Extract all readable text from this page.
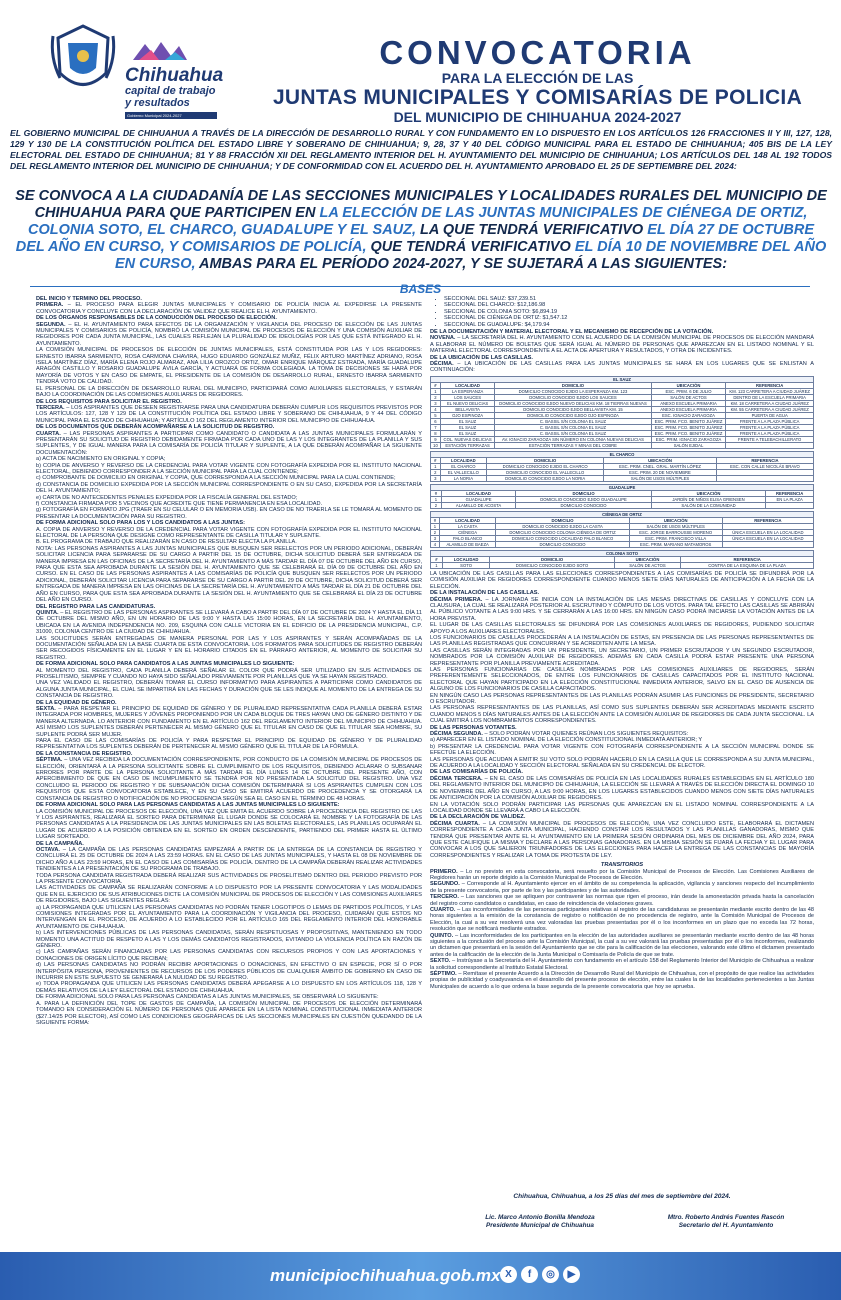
Chihuahua
capital de trabajo
y resultados
Gobierno Municipal 2024-2027
CONVOCATORIA
PARA LA ELECCIÓN DE LAS
JUNTAS MUNICIPALES Y COMISARÍAS DE POLICIA
DEL MUNICIPIO DE CHIHUAHUA 2024-2027
EL GOBIERNO MUNICIPAL DE CHIHUAHUA A TRAVÉS DE LA DIRECCIÓN DE DESARROLLO RURAL Y CON FUNDAMENTO EN LO DISPUESTO EN LOS ARTÍCULOS 126 FRACCIONES II Y III, 127, 128, 129 Y 130 DE LA CONSTITUCIÓN POLÍTICA DEL ESTADO LIBRE Y SOBERANO DE CHIHUAHUA; 9, 28, 37 Y 40 DEL CÓDIGO MUNICIPAL PARA EL ESTADO DE CHIHUAHUA; 405 BIS DE LA LEY ELECTORAL DEL ESTADO DE CHIHUAHUA; 81 Y 88 FRACCIÓN XII DEL REGLAMENTO INTERIOR DEL H. AYUNTAMIENTO DEL MUNICIPIO DE CHIHUAHUA; LOS ARTÍCULOS DEL 148 AL 192 TODOS DEL REGLAMENTO INTERIOR DEL MUNICIPIO DE CHIHUAHUA; Y DE CONFORMIDAD CON EL ACUERDO DEL H. AYUNTAMIENTO APROBADO EL 25 DE SEPTIEMBRE DEL 2024:
SE CONVOCA A LA CIUDADANÍA DE LAS SECCIONES MUNICIPALES Y LOCALIDADES RURALES DEL MUNICIPIO DE CHIHUAHUA PARA QUE PARTICIPEN EN LA ELECCIÓN DE LAS JUNTAS MUNICIPALES DE CIÉNEGA DE ORTIZ, COLONIA SOTO, EL CHARCO, GUADALUPE Y EL SAUZ, LA QUE TENDRÁ VERIFICATIVO EL DÍA 27 DE OCTUBRE DEL AÑO EN CURSO, Y COMISARIOS DE POLICÍA, QUE TENDRÁ VERIFICATIVO EL DÍA 10 DE NOVIEMBRE DEL AÑO EN CURSO, AMBAS PARA EL PERÍODO 2024-2027, Y SE SUJETARÁ A LAS SIGUIENTES:
BASES

DEL INICIO Y TÉRMINO DEL PROCESO.

PRIMERA. – EL PROCESO PARA ELEGIR JUNTAS MUNICIPALES Y COMISARIO DE POLICÍA INICIA AL EXPEDIRSE LA PRESENTE CONVOCATORIA Y CONCLUYE CON LA DECLARACIÓN DE VALIDEZ QUE REALICE EL H. AYUNTAMIENTO.

DE LOS ÓRGANOS RESPONSABLES DE LA CONDUCCIÓN DEL PROCESO DE ELECCIÓN.

SEGUNDA. – EL H. AYUNTAMIENTO PARA EFECTOS DE LA ORGANIZACIÓN Y VIGILANCIA DEL PROCESO DE ELECCIÓN DE LAS JUNTAS MUNICIPALES Y COMISARIOS DE POLICÍA, NOMBRÓ LA COMISIÓN MUNICIPAL DE PROCESOS DE ELECCIÓN Y UNA COMISIÓN AUXILIAR DE REGIDORES POR CADA JUNTA MUNICIPAL, LAS CUALES REFLEJAN LA PLURALIDAD DE IDEOLOGÍAS POR LAS QUE ESTÁ INTEGRADO EL H. AYUNTAMIENTO.

LA COMISIÓN MUNICIPAL DE PROCESOS DE ELECCIÓN DE JUNTAS MUNICIPALES, ESTÁ CONSTITUIDA POR LAS Y LOS REGIDORES: ERNESTO IBARRA SARMIENTO, ROSA CARMONA CHAVIRA, HUGO EDUARDO GONZÁLEZ MUÑIZ, FÉLIX ARTURO MARTÍNEZ ADRIANO, ROSA ISELA MARTÍNEZ DÍAZ, MARÍA ELENA ROJO ALMARAZ, ANA LILIA OROZCO ORTIZ, OMAR ENRIQUE MÁRQUEZ ESTRADA, MARÍA GUADALUPE ARAGÓN CASTILLO Y ROSARIO GUADALUPE ÁVILA GARCÍA, Y ACTUARÁ DE FORMA COLEGIADA. LA TOMA DE DECISIONES SE HARÁ POR MAYORÍA DE VOTOS Y EN CASO DE EMPATE, EL PRESIDENTE DE LA COMISIÓN DE DESARROLLO RURAL, ERNESTO IBARRA SARMIENTO TENDRÁ VOTO DE CALIDAD.

EL PERSONAL DE LA DIRECCIÓN DE DESARROLLO RURAL DEL MUNICIPIO, PARTICIPARÁ COMO AUXILIARES ELECTORALES, Y ESTARÁN BAJO LA COORDINACIÓN DE LAS COMISIONES AUXILIARES DE REGIDORES.

DE LOS REQUISITOS PARA SOLICITAR EL REGISTRO.

TERCERA. – LOS ASPIRANTES QUE DESEEN REGISTRARSE PARA UNA CANDIDATURA DEBERÁN CUMPLIR LOS REQUISITOS PREVISTOS POR LOS ARTÍCULOS: 127, 128 Y 129 DE LA CONSTITUCIÓN POLÍTICA DEL ESTADO LIBRE Y SOBERANO DE CHIHUAHUA, 9 Y 44 DEL CÓDIGO MUNICIPAL PARA EL ESTADO DE CHIHUAHUA; Y ARTÍCULO 162 DEL REGLAMENTO INTERIOR DEL MUNICIPIO DE CHIHUAHUA.

DE LOS DOCUMENTOS QUE DEBERÁN ACOMPAÑARSE A LA SOLICITUD DE REGISTRO.

CUARTA. – LAS PERSONAS ASPIRANTES A PARTICIPAR COMO CANDIDATO O CANDIDATA A LAS JUNTAS MUNICIPALES FORMULARÁN Y PRESENTARÁN SU SOLICITUD DE REGISTRO DEBIDAMENTE FIRMADA POR CADA UNO DE LAS Y LOS INTEGRANTES DE LA PLANILLA Y SUS SUPLENTES, Y DE IGUAL MANERA PARA LA COMISARÍA DE POLICÍA TITULAR Y SUPLENTE, A LA QUE DEBERÁN ACOMPAÑAR LA SIGUIENTE DOCUMENTACIÓN:

a) ACTA DE NACIMIENTO EN ORIGINAL Y COPIA;

b) COPIA DE ANVERSO Y REVERSO DE LA CREDENCIAL PARA VOTAR VIGENTE CON FOTOGRAFÍA EXPEDIDA POR EL INSTITUTO NACIONAL ELECTORAL, DEBIENDO CORRESPONDER A LA SECCIÓN MUNICIPAL PARA LA CUAL CONTIENDE;

c) COMPROBANTE DE DOMICILIO EN ORIGINAL Y COPIA, QUE CORRESPONDA A LA SECCIÓN MUNICIPAL PARA LA CUAL CONTIENDE;

d) CONSTANCIA DE DOMICILIO EXPEDIDA POR LA SECCIÓN MUNICIPAL CORRESPONDIENTE O EN SU CASO, EXPEDIDA POR LA SECRETARÍA DEL H. AYUNTAMIENTO;

e) CARTA DE NO ANTECEDENTES PENALES EXPEDIDA POR LA FISCALÍA GENERAL DEL ESTADO;

f) CONSTANCIA FIRMADA POR 5 VECINOS QUE ACREDITE QUE TIENE PERMANENCIA EN ESA LOCALIDAD.

g) FOTOGRAFÍA EN FORMATO JPG (TRAER EN SU CELULAR O EN MEMORIA USB). EN CASO DE NO TRAERLA SE LE TOMARÁ AL MOMENTO DE PRESENTAR LA DOCUMENTACIÓN PARA SU REGISTRO.

DE FORMA ADICIONAL SOLO PARA LOS Y LOS CANDIDATOS A LAS JUNTAS:

A. COPIA DE ANVERSO Y REVERSO DE LA CREDENCIAL PARA VOTAR VIGENTE CON FOTOGRAFÍA EXPEDIDA POR EL INSTITUTO NACIONAL ELECTORAL DE LA PERSONA QUE DESIGNE COMO REPRESENTANTE DE CASILLA TITULAR Y SUPLENTE.

B. EL PROGRAMA DE TRABAJO QUE REALIZARÁN EN CASO DE RESULTAR ELECTA LA PLANILLA.

NOTA: LAS PERSONAS ASPIRANTES A LAS JUNTAS MUNICIPALES QUE BUSQUEN SER REELECTOS POR UN PERIODO ADICIONAL, DEBERÁN SOLICITAR LICENCIA PARA SEPARARSE DE SU CARGO A PARTIR DEL 15 DE OCTUBRE, DICHA SOLICITUD DEBERÁ SER ENTREGADA DE MANERA IMPRESA EN LAS OFICINAS DE LA SECRETARÍA DEL H. AYUNTAMIENTO A MÁS TARDAR EL DÍA 07 DE OCTUBRE DEL AÑO EN CURSO, PARA QUE ESTA SEA APROBADA DURANTE LA SESIÓN DEL H. AYUNTAMIENTO QUE SE CELEBRARÁ EL DÍA 09 DE OCTUBRE DEL AÑO EN CURSO. EN EL CASO DE LAS PERSONAS ASPIRANTES A LAS COMISARÍAS DE POLICÍA QUE BUSQUEN SER REELECTOS POR UN PERIODO ADICIONAL, DEBERÁN SOLICITAR LICENCIA PARA SEPARARSE DE SU CARGO A PARTIR DEL 29 DE OCTUBRE, DICHA SOLICITUD DEBERÁ SER ENTREGADA DE MANERA IMPRESA EN LAS OFICINAS DE LA SECRETARÍA DEL H. AYUNTAMIENTO A MÁS TARDAR EL DÍA 21 DE OCTUBRE DEL AÑO EN CURSO, PARA QUE ESTA SEA APROBADA DURANTE LA SESIÓN DEL H. AYUNTAMIENTO QUE SE CELEBRARÁ EL DÍA 23 DE OCTUBRE DEL AÑO EN CURSO.

DEL REGISTRO PARA LAS CANDIDATURAS.

QUINTA. – EL REGISTRO DE LAS PERSONAS ASPIRANTES SE LLEVARÁ A CABO A PARTIR DEL DÍA 07 DE OCTUBRE DE 2024 Y HASTA EL DÍA 11 DE OCTUBRE DEL MISMO AÑO, EN UN HORARIO DE LAS 9:00 Y HASTA LAS 15:00 HORAS, EN LA SECRETARÍA DEL H. AYUNTAMIENTO, UBICADA EN LA AVENIDA INDEPENDENCIA NO. 209, ESQUINA CON CALLE VICTORIA EN EL EDIFICIO DE LA PRESIDENCIA MUNICIPAL, C.P. 31000, COLONIA CENTRO DE LA CIUDAD DE CHIHUAHUA.

LAS SOLICITUDES SERÁN ENTREGADAS DE MANERA PERSONAL POR LAS Y LOS ASPIRANTES Y SERÁN ACOMPAÑADAS DE LA DOCUMENTACIÓN SEÑALADA EN LA BASE CUARTA DE ESTA CONVOCATORIA. LOS FORMATOS PARA SOLICITUDES DE REGISTRO DEBERÁN SER RECOGIDOS FÍSICAMENTE EN EL LUGAR Y EN EL HORARIO CITADOS EN EL PÁRRAFO ANTERIOR, AL MOMENTO DE SOLICITAR SU REGISTRO.

DE FORMA ADICIONAL SOLO PARA CANDIDATOS A LAS JUNTAS MUNICIPALES LO SIGUIENTE:

AL MOMENTO DEL REGISTRO, CADA PLANILLA DEBERÁ SEÑALAR EL COLOR QUE PODRÁ SER UTILIZADO EN SUS ACTIVIDADES DE PROSELITISMO, SIEMPRE Y CUANDO NO HAYA SIDO SEÑALADO PREVIAMENTE POR PLANILLAS QUE YA SE HAYAN REGISTRADO.

UNA VEZ VALIDADO EL REGISTRO, DEBERÁN TOMAR EL CURSO INFORMATIVO PARA ASPIRANTES A PARTICIPAR COMO CANDIDATOS DE ALGUNA JUNTA MUNICIPAL, EL CUAL SE IMPARTIRÁ EN LAS FECHAS Y DURACIÓN QUE SE LES INDIQUE AL MOMENTO DE LA ENTREGA DE SU CONSTANCIA DE REGISTRO.

DE LA EQUIDAD DE GÉNERO.

SEXTA. – PARA RESPETAR EL PRINCIPIO DE EQUIDAD DE GÉNERO Y DE PLURALIDAD REPRESENTATIVA CADA PLANILLA DEBERÁ ESTAR INTEGRADA POR HOMBRES, MUJERES Y JÓVENES PROPONIENDO POR UN CADA BLOQUE DE TRES HAYAN UNO DE GÉNERO DISTINTO Y DE MANERA ALTERNADA. LO ANTERIOR CON FUNDAMENTO EN EL ARTÍCULO 162 DEL REGLAMENTO INTERIOR DEL MUNICIPIO DE CHIHUAHUA. ASÍ MISMO LOS SUPLENTES DEBERÁN PERTENECER AL MISMO GÉNERO QUE EL TITULAR EN CASO DE QUE EL TITULAR SEA HOMBRE, SU SUPLENTE PODRÁ SER MUJER.

PARA EL CASO DE LAS COMISARÍAS DE POLICÍA Y PARA RESPETAR EL PRINCIPIO DE EQUIDAD DE GÉNERO Y DE PLURALIDAD REPRESENTATIVA LOS SUPLENTES DEBERÁN DE PERTENECER AL MISMO GÉNERO QUE EL TITULAR DE LA FÓRMULA.

DE LA CONSTANCIA DE REGISTRO.

SÉPTIMA. – UNA VEZ RECIBIDA LA DOCUMENTACIÓN CORRESPONDIENTE, POR CONDUCTO DE LA COMISIÓN MUNICIPAL DE PROCESOS DE ELECCIÓN, ORIENTARÁ A LA PERSONA SOLICITANTE SOBRE EL CUMPLIMIENTO DE LOS REQUISITOS, DEBIENDO ACLARAR O SUBSANAR ERRORES POR PARTE DE LA PERSONA SOLICITANTE A MÁS TARDAR EL DÍA LUNES 14 DE OCTUBRE DEL PRESENTE AÑO, CON APERCIBIMIENTO DE QUE EN CASO DE INCUMPLIMIENTO SE TENDRÁ POR NO PRESENTADA LA SOLICITUD DEL REGISTRO. UNA VEZ CONCLUIDO EL PERIODO DE REGISTRO Y DE SUBSANACIÓN DICHA COMISIÓN DETERMINARÁ SI LOS ASPIRANTES CUMPLEN CON LOS REQUISITOS QUE ESTA CONVOCATORIA ESTABLECE, Y EN SU CASO SE EMITIRÁ ACUERDO DE PROCEDENCIA Y SE OTORGARÁ LA CONSTANCIA DE REGISTRO O NOTIFICACIÓN DE NO PROCEDENCIA SEGÚN SEA EL CASO EN EL TÉRMINO DE 48 HORAS.

DE FORMA ADICIONAL SOLO PARA LAS PERSONAS CANDIDATAS A LAS JUNTAS MUNICIPALES LO SIGUIENTE:

LA COMISIÓN MUNICIPAL DE PROCESOS DE ELECCIÓN, UNA VEZ QUE EMITA EL ACUERDO SOBRE LA PROCEDENCIA DEL REGISTRO DE LAS Y LOS ASPIRANTES, REALIZARÁ EL SORTEO PARA DETERMINAR EL LUGAR DONDE SE COLOCARÁ EL NOMBRE Y LA FOTOGRAFÍA DE LAS PERSONAS CANDIDATAS A LA PRESIDENCIA DE LAS JUNTAS MUNICIPALES EN LAS BOLETAS ELECTORALES, LAS PLANILLAS OCUPARÁN EL LUGAR DE ACUERDO A LA POSICIÓN OBTENIDA EN EL SORTEO EN ORDEN DESCENDENTE, PARTIENDO DEL PRIMER HASTA EL ÚLTIMO LUGAR SORTEADO.

DE LA CAMPAÑA.

OCTAVA. – LA CAMPAÑA DE LAS PERSONAS CANDIDATAS EMPEZARÁ A PARTIR DE LA ENTREGA DE LA CONSTANCIA DE REGISTRO Y CONCLUIRÁ EL 25 DE OCTUBRE DE 2024 A LAS 23:59 HORAS. EN EL CASO DE LAS JUNTAS MUNICIPALES, Y HASTA EL 08 DE NOVIEMBRE DE DICHO AÑO A LAS 23:59 HORAS, EN EL CASO DE LAS COMISARÍAS DE POLICÍA. DENTRO DE LA CAMPAÑA DEBERÁN REALIZAR ACTIVIDADES TENDIENTES A LA PRESENTACIÓN DE SU PROGRAMA DE TRABAJO.

TODA PERSONA CANDIDATA REGISTRADA DEBERÁ REALIZAR SUS ACTIVIDADES DE PROSELITISMO DENTRO DEL PERIODO PREVISTO POR LA PRESENTE CONVOCATORIA.

LAS ACTIVIDADES DE CAMPAÑA SE REALIZARÁN CONFORME A LO DISPUESTO POR LA PRESENTE CONVOCATORIA Y LAS MODALIDADES QUE EN EL EJERCICIO DE SUS ATRIBUCIONES DICTE LA COMISIÓN MUNICIPAL DE PROCESOS DE ELECCIÓN Y LAS COMISIONES AUXILIARES DE REGIDORES, BAJO LAS SIGUIENTES REGLAS:

a) LA PROPAGANDA QUE UTILICEN LAS PERSONAS CANDIDATAS NO PODRÁN TENER LOGOTIPOS O LEMAS DE PARTIDOS POLÍTICOS, Y LAS COMISIONES INTEGRADAS POR EL AYUNTAMIENTO PARA LA COORDINACIÓN Y VIGILANCIA DEL PROCESO, CUIDARÁN QUE ESTOS NO INTERVENGAN EN EL PROCESO, DE ACUERDO A LO ESTABLECIDO POR EL ARTÍCULO 165 DEL REGLAMENTO INTERIOR DEL HONORABLE AYUNTAMIENTO DE CHIHUAHUA.

b) LAS INTERVENCIONES PÚBLICAS DE LAS PERSONAS CANDIDATAS, SERÁN RESPETUOSAS Y PROPOSITIVAS, MANTENIENDO EN TODO MOMENTO UNA ACTITUD DE RESPETO A LAS Y LOS DEMÁS CANDIDATOS REGISTRADOS, EVITANDO LA VIOLENCIA POLÍTICA EN RAZÓN DE GÉNERO.

c) LAS CAMPAÑAS SERÁN FINANCIADAS POR LAS PERSONAS CANDIDATAS CON RECURSOS PROPIOS Y CON LAS APORTACIONES Y DONACIONES DE ORIGEN LÍCITO QUE RECIBAN;

d) LAS PERSONAS CANDIDATAS NO PODRÁN RECIBIR APORTACIONES O DONACIONES, EN EFECTIVO O EN ESPECIE, POR SÍ O POR INTERPÓSITA PERSONA, PROVENIENTES DE RECURSOS DE LOS PODERES PÚBLICOS DE CUALQUIER ÁMBITO DE GOBIERNO EN CASO DE INCURRIR EN ESTE SUPUESTO SE GENERARÁ LA NULIDAD DE SU REGISTRO.

e) TODA PROPAGANDA QUE UTILICEN LAS PERSONAS CANDIDATAS DEBERÁ APEGARSE A LO DISPUESTO EN LOS ARTÍCULOS 118, 128 Y DEMÁS RELATIVOS DE LA LEY ELECTORAL DEL ESTADO DE CHIHUAHUA.

DE FORMA ADICIONAL SOLO PARA LAS PERSONAS CANDIDATAS A LAS JUNTAS MUNICIPALES, SE OBSERVARÁ LO SIGUIENTE:

A. PARA LA DEFINICIÓN DEL TOPE DE GASTOS DE CAMPAÑA, LA COMISIÓN MUNICIPAL DE PROCESOS DE ELECCIÓN DETERMINARÁ TOMANDO EN CONSIDERACIÓN EL NÚMERO DE PERSONAS QUE APARECE EN LA LISTA NOMINAL CONSTITUCIONAL INMEDIATA ANTERIOR ($27.14/25 POR ELECTOR), ASÍ COMO LAS CONDICIONES GEOGRÁFICAS DE LAS SECCIONES MUNICIPALES EN CUESTIÓN QUEDANDO DE LA SIGUIENTE FORMA:

• SECCIONAL DEL SAUZ: $37,239.51
• SECCIONAL DEL CHARCO: $12,186.98
• SECCIONAL DE COLONIA SOTO: $6,894.19
• SECCIONAL DE CIÉNEGA DE ORTIZ: $1,547.12
• SECCIONAL DE GUADALUPE: $4,179.94

DE LA DOCUMENTACIÓN Y MATERIAL ELECTORAL Y EL MECANISMO DE RECEPCIÓN DE LA VOTACIÓN.

NOVENA. – LA SECRETARÍA DEL H. AYUNTAMIENTO CON EL ACUERDO DE LA COMISIÓN MUNICIPAL DE PROCESOS DE ELECCIÓN MANDARÁ A ELABORAR EL NÚMERO DE BOLETAS QUE SERÁ IGUAL AL NÚMERO DE PERSONAS QUE APAREZCAN EN EL LISTADO NOMINAL Y EL MATERIAL ELECTORAL CORRESPONDIENTE A EL ACTA DE APERTURA Y RESULTADOS, Y OTRA DE INCIDENTES.

DE LA UBICACIÓN DE LAS CASILLAS.

DÉCIMA. – LA UBICACIÓN DE LAS CASILLAS PARA LAS JUNTAS MUNICIPALES SE HARÁ EN LOS LUGARES QUE SE ENLISTAN A CONTINUACIÓN:

EL SAUZ				
#	LOCALIDAD	DOMICILIO	UBICACIÓN	REFERENCIA
1	LA ESPERANZA	DOMICILIO CONOCIDO EJIDO LA ESPERANZA KM. 123	ESC. PRIM. 6 DE JULIO	KM. 123 CARRETERA A CIUDAD JUÁREZ
2	LOS SAUCES	DOMICILIO CONOCIDO EJIDO LOS SAUCES	SALÓN DE ACTOS	DENTRO DE LA ESCUELA PRIMARIA
3	EL NUEVO DELICIAS	DOMICILIO CONOCIDO EJIDO NUEVO DELICIAS KM. 18 TIERRAS NUEVAS	ANEXO ESCUELA PRIMARIA	KM. 18 CARRETERA A CIUDAD JUÁREZ
4	BELLAVISTA	DOMICILIO CONOCIDO EJIDO BELLAVISTA KM. 15	ANEXO ESCUELA PRIMARIA	KM. 55 CARRETERA A CIUDAD JUÁREZ
5	OJO ESPINOZA	DOMICILIO CONOCIDO EJIDO OJO ESPINOZA	ESC. IGNACIO ZARAGOZA	PUERTA DE AGUA
6	EL SAUZ	C. BASSIL S/N COLONIA EL SAUZ	ESC. PRIM. FCO. BENITO JUÁREZ	FRENTE A LA PLAZA PÚBLICA
7	EL SAUZ	C. BASSIL S/N COLONIA EL SAUZ	ESC. PRIM. FCO. BENITO JUÁREZ	FRENTE A LA PLAZA PÚBLICA
8	EL SAUZ	C. BASSIL S/N COLONIA EL SAUZ	ESC. PRIM. FCO. BENITO JUÁREZ	FRENTE A LA PLAZA PÚBLICA
9	COL. NUEVAS DELICIAS	AV. IGNACIO ZARAGOZA SIN NÚMERO EN COLONIA NUEVAS DELICIAS	ESC. PRIM. IGNACIO ZARAGOZA	FRENTE A TELEBACHILLERATO
10	ESTACIÓN TERRAZAS	ESTACIÓN TERRAZAS Y MINAS DEL COBRE	SALÓN EJIDAL	
EL CHARCO				
#	LOCALIDAD	DOMICILIO	UBICACIÓN	REFERENCIA
1	EL CHARCO	DOMICILIO CONOCIDO EJIDO EL CHARCO	ESC. PRIM. CNEL. GRAL. MARTÍN LÓPEZ	ESC. CON CALLE NICOLÁS BRAVO
2	EL VALLECILLO	DOMICILIO CONOCIDO EL VALLECILLO	ESC. PRIM. 20 DE NOVIEMBRE	
3	LA NORIA	DOMICILIO CONOCIDO EJIDO LA NORIA	SALÓN DE USOS MÚLTIPLES	
GUADALUPE				
#	LOCALIDAD	DOMICILIO	UBICACIÓN	REFERENCIA
1	GUADALUPE	DOMICILIO CONOCIDO EJIDO GUADALUPE	JARDÍN DE NIÑOS ELISA GRIENSEN	EN LA PLAZA
2	ALAMILLO DE ACOSTA	DOMICILIO CONOCIDO	SALÓN DE LA COMUNIDAD	
CIÉNEGA DE ORTIZ				
#	LOCALIDAD	DOMICILIO	UBICACIÓN	REFERENCIA
1	LA CASTA	DOMICILIO CONOCIDO EJIDO LA CASTA	SALÓN DE USOS MÚLTIPLES	
2	CIÉNEGA	DOMICILIO CONOCIDO COLONIA CIÉNEGA DE ORTIZ	ESC. JORGE BARROUSSE MORENO	ÚNICA ESCUELA EN LA LOCALIDAD
3	PALO BLANCO	DOMICILIO CONOCIDO LOCALIDAD PALO BLANCO	ESC. PRIM. FRANCISCO VILLA	ÚNICA ESCUELA EN LA LOCALIDAD
4	ALAMILLO DE BAEZA	DOMICILIO CONOCIDO	ESC. PRIM. MARIANO MATAMOROS	
COLONIA SOTO				
#	LOCALIDAD	DOMICILIO	UBICACIÓN	REFERENCIA
1	SOTO	DOMICILIO CONOCIDO EJIDO SOTO	SALÓN DE ACTOS	CONTRA DE LA ESQUINA DE LA PLAZA

LA UBICACIÓN DE LAS CASILLAS PARA LAS ELECCIONES CORRESPONDIENTES A LAS COMISARÍAS DE POLICÍA SE DIFUNDIRÁ POR LA COMISIÓN AUXILIAR DE REGIDORES CORRESPONDIENTE CUANDO MENOS SIETE DÍAS NATURALES DE ANTICIPACIÓN A LA FECHA DE LA ELECCIÓN.

DE LA INSTALACIÓN DE LAS CASILLAS.

DÉCIMA PRIMERA. – LA JORNADA SE INICIA CON LA INSTALACIÓN DE LAS MESAS DIRECTIVAS DE CASILLAS Y CONCLUYE CON LA CLAUSURA, LA CUAL SE REALIZARÁ POSTERIOR AL ESCRUTINIO Y CÓMPUTO DE LOS VOTOS. PARA TAL EFECTO LAS CASILLAS SE ABRIRÁN AL PÚBLICO VOTANTE A LAS 9:00 HRS. Y SE CERRARÁN A LAS 16:00 HRS. EN NINGÚN CASO PODRÁ INICIARSE LA VOTACIÓN ANTES DE LA HORA PREVISTA.

EL LUGAR DE LAS CASILLAS ELECTORALES SE DIFUNDIRÁ POR LAS COMISIONES AUXILIARES DE REGIDORES, PUDIENDO SOLICITAR APOYO A LOS AUXILIARES ELECTORALES.

LOS FUNCIONARIOS DE CASILLAS PROCEDERÁN A LA INSTALACIÓN DE ESTAS, EN PRESENCIA DE LAS PERSONAS REPRESENTANTES DE LAS PLANILLAS REGISTRADAS QUE CONCURRAN Y SE ACREDITEN ANTE LA MESA.

LAS CASILLAS SERÁN INTEGRADAS POR UN PRESIDENTE, UN SECRETARIO, UN PRIMER ESCRUTADOR Y UN SEGUNDO ESCRUTADOR, NOMBRADOS POR LA COMISIÓN AUXILIAR DE REGIDORES. ADEMÁS EN CADA CASILLA PODRÁ ESTAR PRESENTE UNA PERSONA REPRESENTANTE POR PLANILLA PREVIAMENTE ACREDITADA.

LAS PERSONAS FUNCIONARIAS DE CASILLAS NOMBRADAS POR LAS COMISIONES AUXILIARES DE REGIDORES, SERÁN PREFERENTEMENTE SELECCIONADOS, DE ENTRE LOS FUNCIONARIOS DE CASILLAS CAPACITADOS POR EL INSTITUTO NACIONAL ELECTORAL QUE HAYAN PARTICIPADO EN LA ELECCIÓN CONSTITUCIONAL INMEDIATA ANTERIOR, SALVO EN EL CASO DE AUSENCIA DE ALGUNO DE LOS FUNCIONARIOS DE CASILLA CAPACITADOS.

EN NINGÚN CASO LAS PERSONAS REPRESENTANTES DE LAS PLANILLAS PODRÁN ASUMIR LAS FUNCIONES DE PRESIDENTE, SECRETARIO O ESCRUTADOR.

LAS PERSONAS REPRESENTANTES DE LAS PLANILLAS, ASÍ COMO SUS SUPLENTES DEBERÁN SER ACREDITADAS MEDIANTE ESCRITO CUANDO MENOS 5 DÍAS NATURALES ANTES DE LA ELECCIÓN ANTE LA COMISIÓN AUXILIAR DE REGIDORES DE CADA JUNTA SECCIONAL. LA CUAL EMITIRÁ LOS NOMBRAMIENTOS CORRESPONDIENTES.

DE LAS PERSONAS VOTANTES.

DÉCIMA SEGUNDA. – SOLO PODRÁN VOTAR QUIENES REÚNAN LOS SIGUIENTES REQUISITOS:

a) APARECER EN EL LISTADO NOMINAL DE LA ELECCIÓN CONSTITUCIONAL INMEDIATA ANTERIOR; Y

b) PRESENTAR LA CREDENCIAL PARA VOTAR VIGENTE CON FOTOGRAFÍA CORRESPONDIENTE A LA SECCIÓN MUNICIPAL DONDE SE EFECTÚE LA ELECCIÓN.

LAS PERSONAS QUE ACUDAN A EMITIR SU VOTO SOLO PODRÁN HACERLO EN LA CASILLA QUE LE CORRESPONDA A SU JUNTA MUNICIPAL, DE ACUERDO A LA LOCALIDAD Y SECCIÓN ELECTORAL SEÑALADA EN SU CREDENCIAL DE ELECTOR.

DE LAS COMISARÍAS DE POLICÍA.

DÉCIMA TERCERA. – EN EL CASO DE LAS COMISARÍAS DE POLICÍA EN LAS LOCALIDADES RURALES ESTABLECIDAS EN EL ARTÍCULO 180 DEL REGLAMENTO INTERIOR DEL MUNICIPIO DE CHIHUAHUA, LA ELECCIÓN SE LLEVARÁ A TRAVÉS DE ELECCIÓN DIRECTA EL DOMINGO 10 DE NOVIEMBRE DEL AÑO EN CURSO, A LAS 9:00 HORAS, EN LOS LUGARES ESTABLECIDOS CUANDO MENOS CON SIETE DÍAS NATURALES DE ANTICIPACIÓN POR LA COMISIÓN AUXILIAR DE REGIDORES.

EN LA VOTACIÓN SOLO PODRÁN PARTICIPAR LAS PERSONAS QUE APAREZCAN EN EL LISTADO NOMINAL CORRESPONDIENTE A LA LOCALIDAD DONDE SE LLEVARÁ A CABO LA ELECCIÓN.

DE LA DECLARACIÓN DE VALIDEZ.

DÉCIMA CUARTA. – LA COMISIÓN MUNICIPAL DE PROCESOS DE ELECCIÓN, UNA VEZ CONCLUIDO ESTE, ELABORARÁ EL DICTAMEN CORRESPONDIENTE A CADA JUNTA MUNICIPAL, HACIENDO CONSTAR LOS RESULTADOS Y LAS PLANILLAS GANADORAS, MISMO QUE TENDRÁ QUE PRESENTAR ANTE EL H. AYUNTAMIENTO EN LA PRIMERA SESIÓN ORDINARIA DEL MES DE DICIEMBRE DEL AÑO 2024, PARA QUE ESTE CALIFIQUE LA MISMA Y DECLARE A LAS PERSONAS GANADORAS. EN LA MISMA SESIÓN SE FIJARÁ LA FECHA Y EL LUGAR PARA CONVOCAR A LOS QUE SALIERON TRIUNFADORES DE LAS ELECCIONES PARA HACER LA ENTREGA DE LAS CONSTANCIAS DE MAYORÍA CORRESPONDIENTES Y REALIZAR LA TOMA DE PROTESTA DE LEY.

TRANSITORIOS

PRIMERO. – Lo no previsto en esta convocatoria, será resuelto por la Comisión Municipal de Procesos de Elección. Las Comisiones Auxiliares de Regidores harán un reporte dirigido a la Comisión Municipal de Procesos de Elección.

SEGUNDO. – Corresponde al H. Ayuntamiento ejercer en el ámbito de su competencia la aplicación, vigilancia y sanciones respecto del incumplimiento de la presente convocatoria, por parte de los y las participantes y de las autoridades.

TERCERO. – Las sanciones que se apliquen por contravenir las normas que rigen el proceso, irán desde la amonestación privada hasta la cancelación del registro como candidatos o candidatas, en caso de reincidencia de violaciones graves.

CUARTO. – Las inconformidades de las personas participantes relativas al registro de las candidaturas se presentarán mediante escrito dentro de las 48 horas siguientes a la emisión de la constancia de registro o notificación de no procedencia de registro, ante la Comisión Municipal de Procesos de Elección, la cual a su vez resolverá una vez valoradas las pruebas presentadas por él o los inconformes en un plazo que no exceda las 72 horas, resolución que se notificará mediante estrados.

QUINTO. – Las inconformidades de los participantes en la elección de las autoridades auxiliares se presentarán mediante escrito dentro de las 48 horas siguientes a la conclusión del proceso ante la Comisión Municipal, la cual a su vez valorará las pruebas presentadas por él o los inconformes, realizando un dictamen que presentará en la sesión del Ayuntamiento que se cite para la calificación de las elecciones, valorando este último el dictamen presentado antes de la calificación de la elección de la Junta Municipal o Comisaría de Policía de que se trate.

SEXTO. – Instrúyase a la Secretaría del H. Ayuntamiento con fundamento en el artículo 158 del Reglamento Interior del Municipio de Chihuahua a realizar la solicitud correspondiente al Instituto Estatal Electoral.

SÉPTIMO. – Remítase el presente Acuerdo a la Dirección de Desarrollo Rural del Municipio de Chihuahua, con el propósito de que realice las actividades propias de publicidad y coadyuvancia en el desarrollo del presente proceso de elección, entre las cuales la de las localidades pertenecientes a las Juntas Municipales de acuerdo a lo que ordena la base segunda de la presente convocatoria que hoy se aprueba.

Chihuahua, Chihuahua, a los 25 días del mes de septiembre del 2024.
Lic. Marco Antonio Bonilla Mendoza
Presidente Municipal de Chihuahua
Mtro. Roberto Andrés Fuentes Rascón
Secretario del H. Ayuntamiento
municipiochihuahua.gob.mx X	f	◎	▶
